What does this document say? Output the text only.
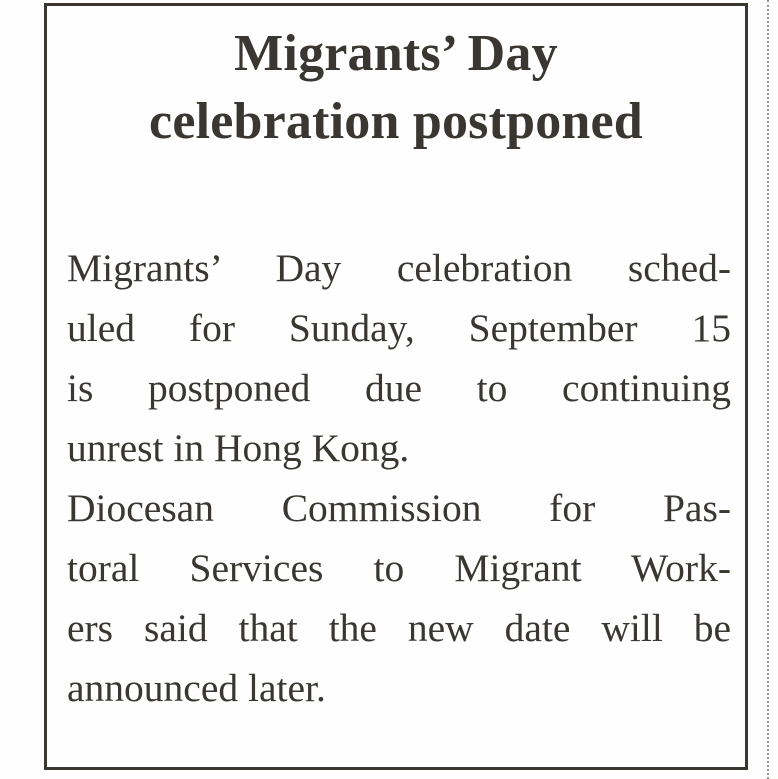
Migrants’ Day
celebration postponed
Migrants’ Day celebration sched-
uled for Sunday, September 15
is postponed due to continuing
unrest in Hong Kong.
Diocesan Commission for Pas-
toral Services to Migrant Work-
ers said that the new date will be
announced later.
